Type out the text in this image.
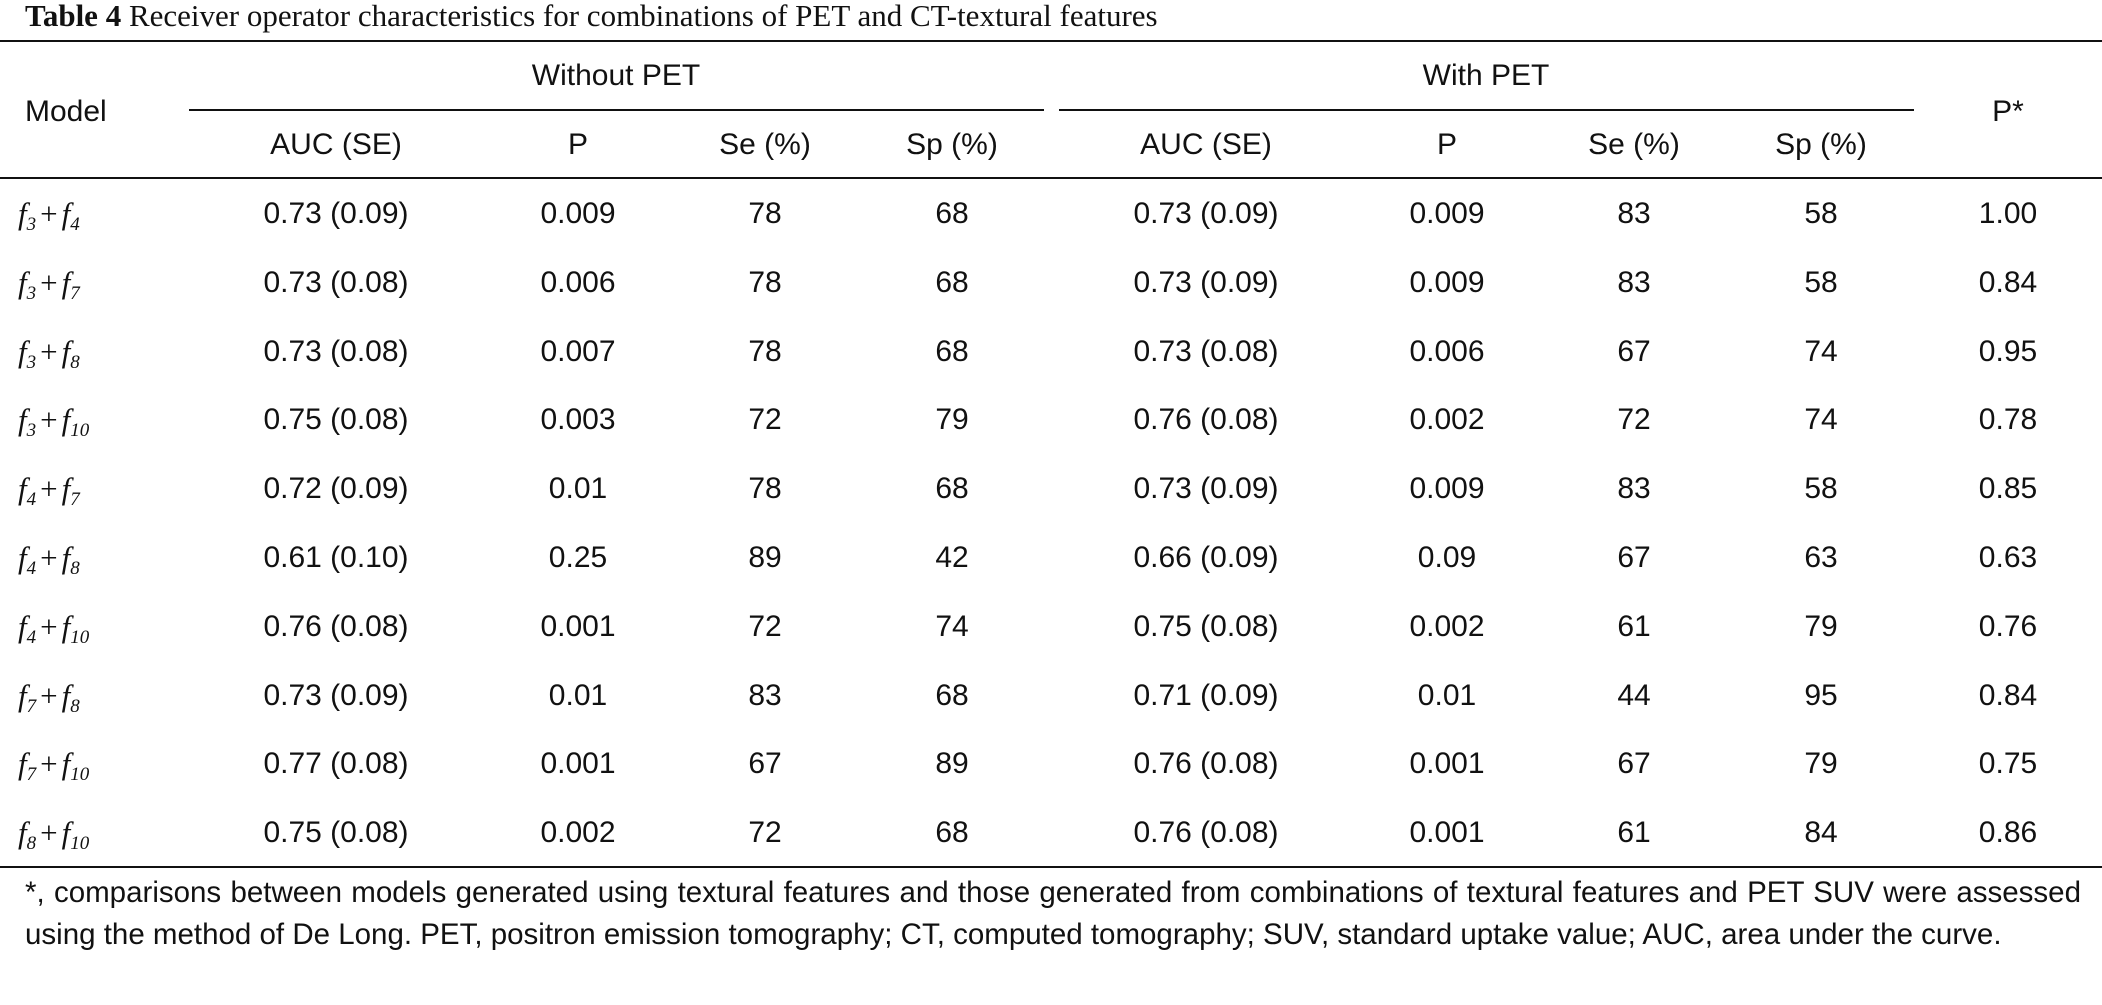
Table 4 Receiver operator characteristics for combinations of PET and CT-textural features
Model
Without PET	With PET
P*
AUC (SE)	P	Se (%)	Sp (%)	AUC (SE)	P	Se (%)	Sp (%)
$f_3 + f_4$	0.73 (0.09)	0.009	78	68	0.73 (0.09)	0.009	83	58	1.00
$f_3 + f_7$	0.73 (0.08)	0.006	78	68	0.73 (0.09)	0.009	83	58	0.84
$f_3 + f_8$	0.73 (0.08)	0.007	78	68	0.73 (0.08)	0.006	67	74	0.95
$f_3 + f_{10}$	0.75 (0.08)	0.003	72	79	0.76 (0.08)	0.002	72	74	0.78
$f_4 + f_7$	0.72 (0.09)	0.01	78	68	0.73 (0.09)	0.009	83	58	0.85
$f_4 + f_8$	0.61 (0.10)	0.25	89	42	0.66 (0.09)	0.09	67	63	0.63
$f_4 + f_{10}$	0.76 (0.08)	0.001	72	74	0.75 (0.08)	0.002	61	79	0.76
$f_7 + f_8$	0.73 (0.09)	0.01	83	68	0.71 (0.09)	0.01	44	95	0.84
$f_7 + f_{10}$	0.77 (0.08)	0.001	67	89	0.76 (0.08)	0.001	67	79	0.75
$f_8 + f_{10}$	0.75 (0.08)	0.002	72	68	0.76 (0.08)	0.001	61	84	0.86
*, comparisons between models generated using textural features and those generated from combinations of textural features and PET SUV were assessed using the method of De Long. PET, positron emission tomography; CT, computed tomography; SUV, standard uptake value; AUC, area under the curve.
